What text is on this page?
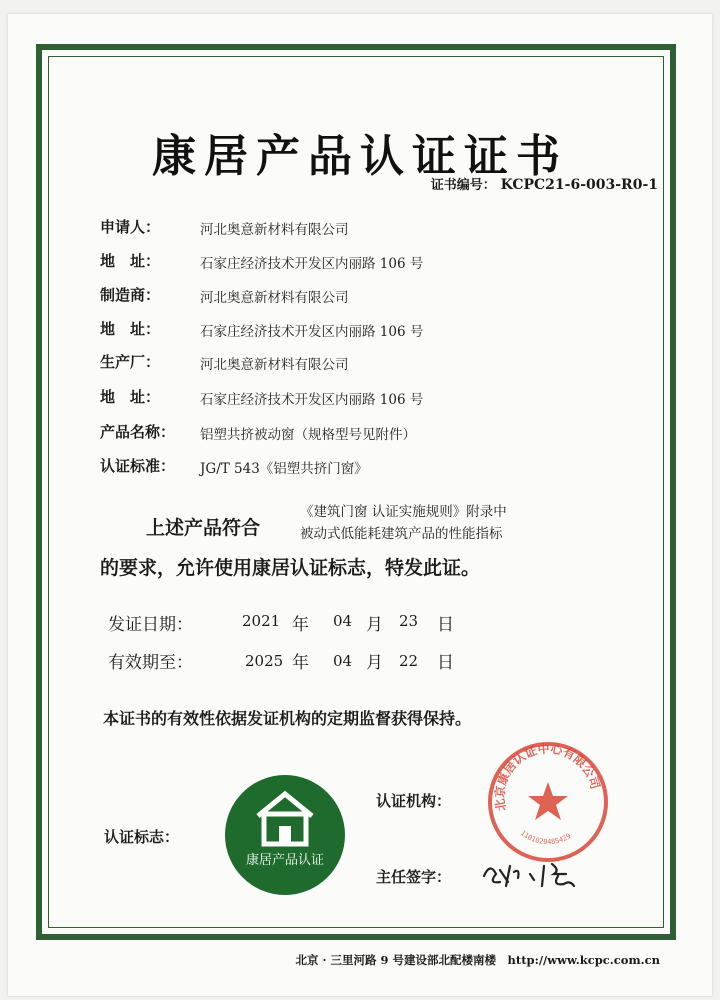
康居产品认证证书
证书编号： KCPC21-6-003-R0-1
申请人：	河北奥意新材料有限公司
地　址：	石家庄经济技术开发区内丽路 106 号
制造商：	河北奥意新材料有限公司
地　址：	石家庄经济技术开发区内丽路 106 号
生产厂：	河北奥意新材料有限公司
地　址：	石家庄经济技术开发区内丽路 106 号
产品名称： 铝塑共挤被动窗（规格型号见附件）
认证标准： JG/T 543《铝塑共挤门窗》
上述产品符合
《建筑门窗 认证实施规则》附录中
被动式低能耗建筑产品的性能指标
的要求，允许使用康居认证标志，特发此证。
发证日期：	2021 年 04 月 23 日
有效期至：	2025 年 04 月 22 日
本证书的有效性依据发证机构的定期监督获得保持。
认证标志：
康居产品认证
认证机构：
主任签字：
北京康居认证中心有限公司
1101020485429
北京 · 三里河路 9 号建设部北配楼南楼　http://www.kcpc.com.cn
